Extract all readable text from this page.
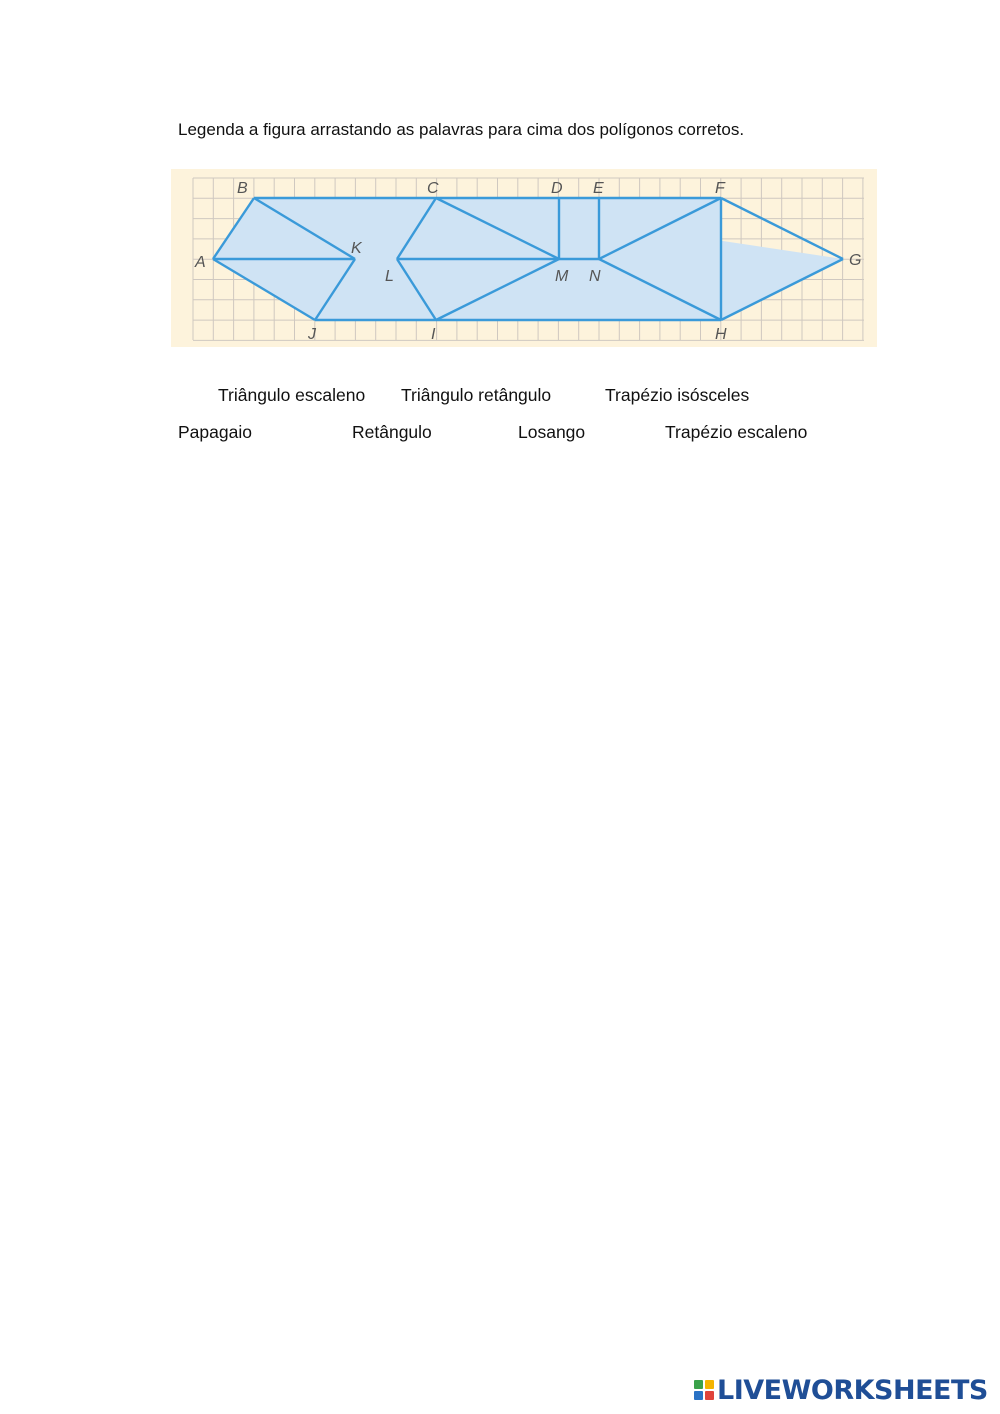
Legenda a figura arrastando as palavras para cima dos polígonos corretos.
A
B	C	D E	F
G
H
I
J
K
L	M N
Triângulo escaleno Triângulo retângulo	Trapézio isósceles
Papagaio	Retângulo	Losango	Trapézio escaleno
LIVEWORKSHEETS
